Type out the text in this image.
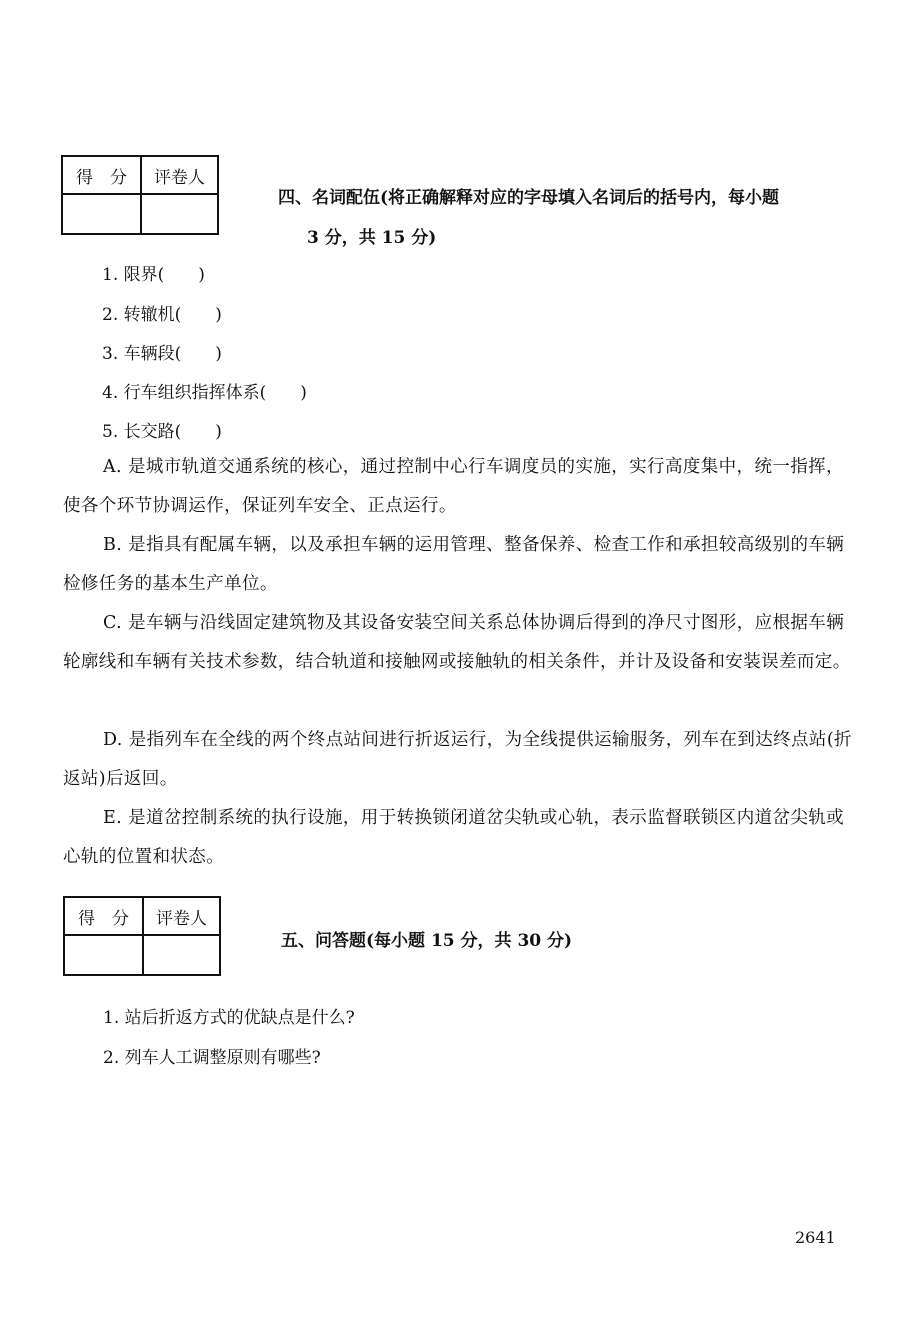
得　分	评卷人

四、名词配伍(将正确解释对应的字母填入名词后的括号内，每小题
3 分，共 15 分)
1. 限界(　　)
2. 转辙机(　　)
3. 车辆段(　　)
4. 行车组织指挥体系(　　)
5. 长交路(　　)
A. 是城市轨道交通系统的核心，通过控制中心行车调度员的实施，实行高度集中，统一指挥，使各个环节协调运作，保证列车安全、正点运行。
B. 是指具有配属车辆，以及承担车辆的运用管理、整备保养、检查工作和承担较高级别的车辆检修任务的基本生产单位。
C. 是车辆与沿线固定建筑物及其设备安装空间关系总体协调后得到的净尺寸图形，应根据车辆轮廓线和车辆有关技术参数，结合轨道和接触网或接触轨的相关条件，并计及设备和安装误差而定。
D. 是指列车在全线的两个终点站间进行折返运行，为全线提供运输服务，列车在到达终点站(折返站)后返回。
E. 是道岔控制系统的执行设施，用于转换锁闭道岔尖轨或心轨，表示监督联锁区内道岔尖轨或心轨的位置和状态。
得　分	评卷人

五、问答题(每小题 15 分，共 30 分)
1. 站后折返方式的优缺点是什么?
2. 列车人工调整原则有哪些?
2641
